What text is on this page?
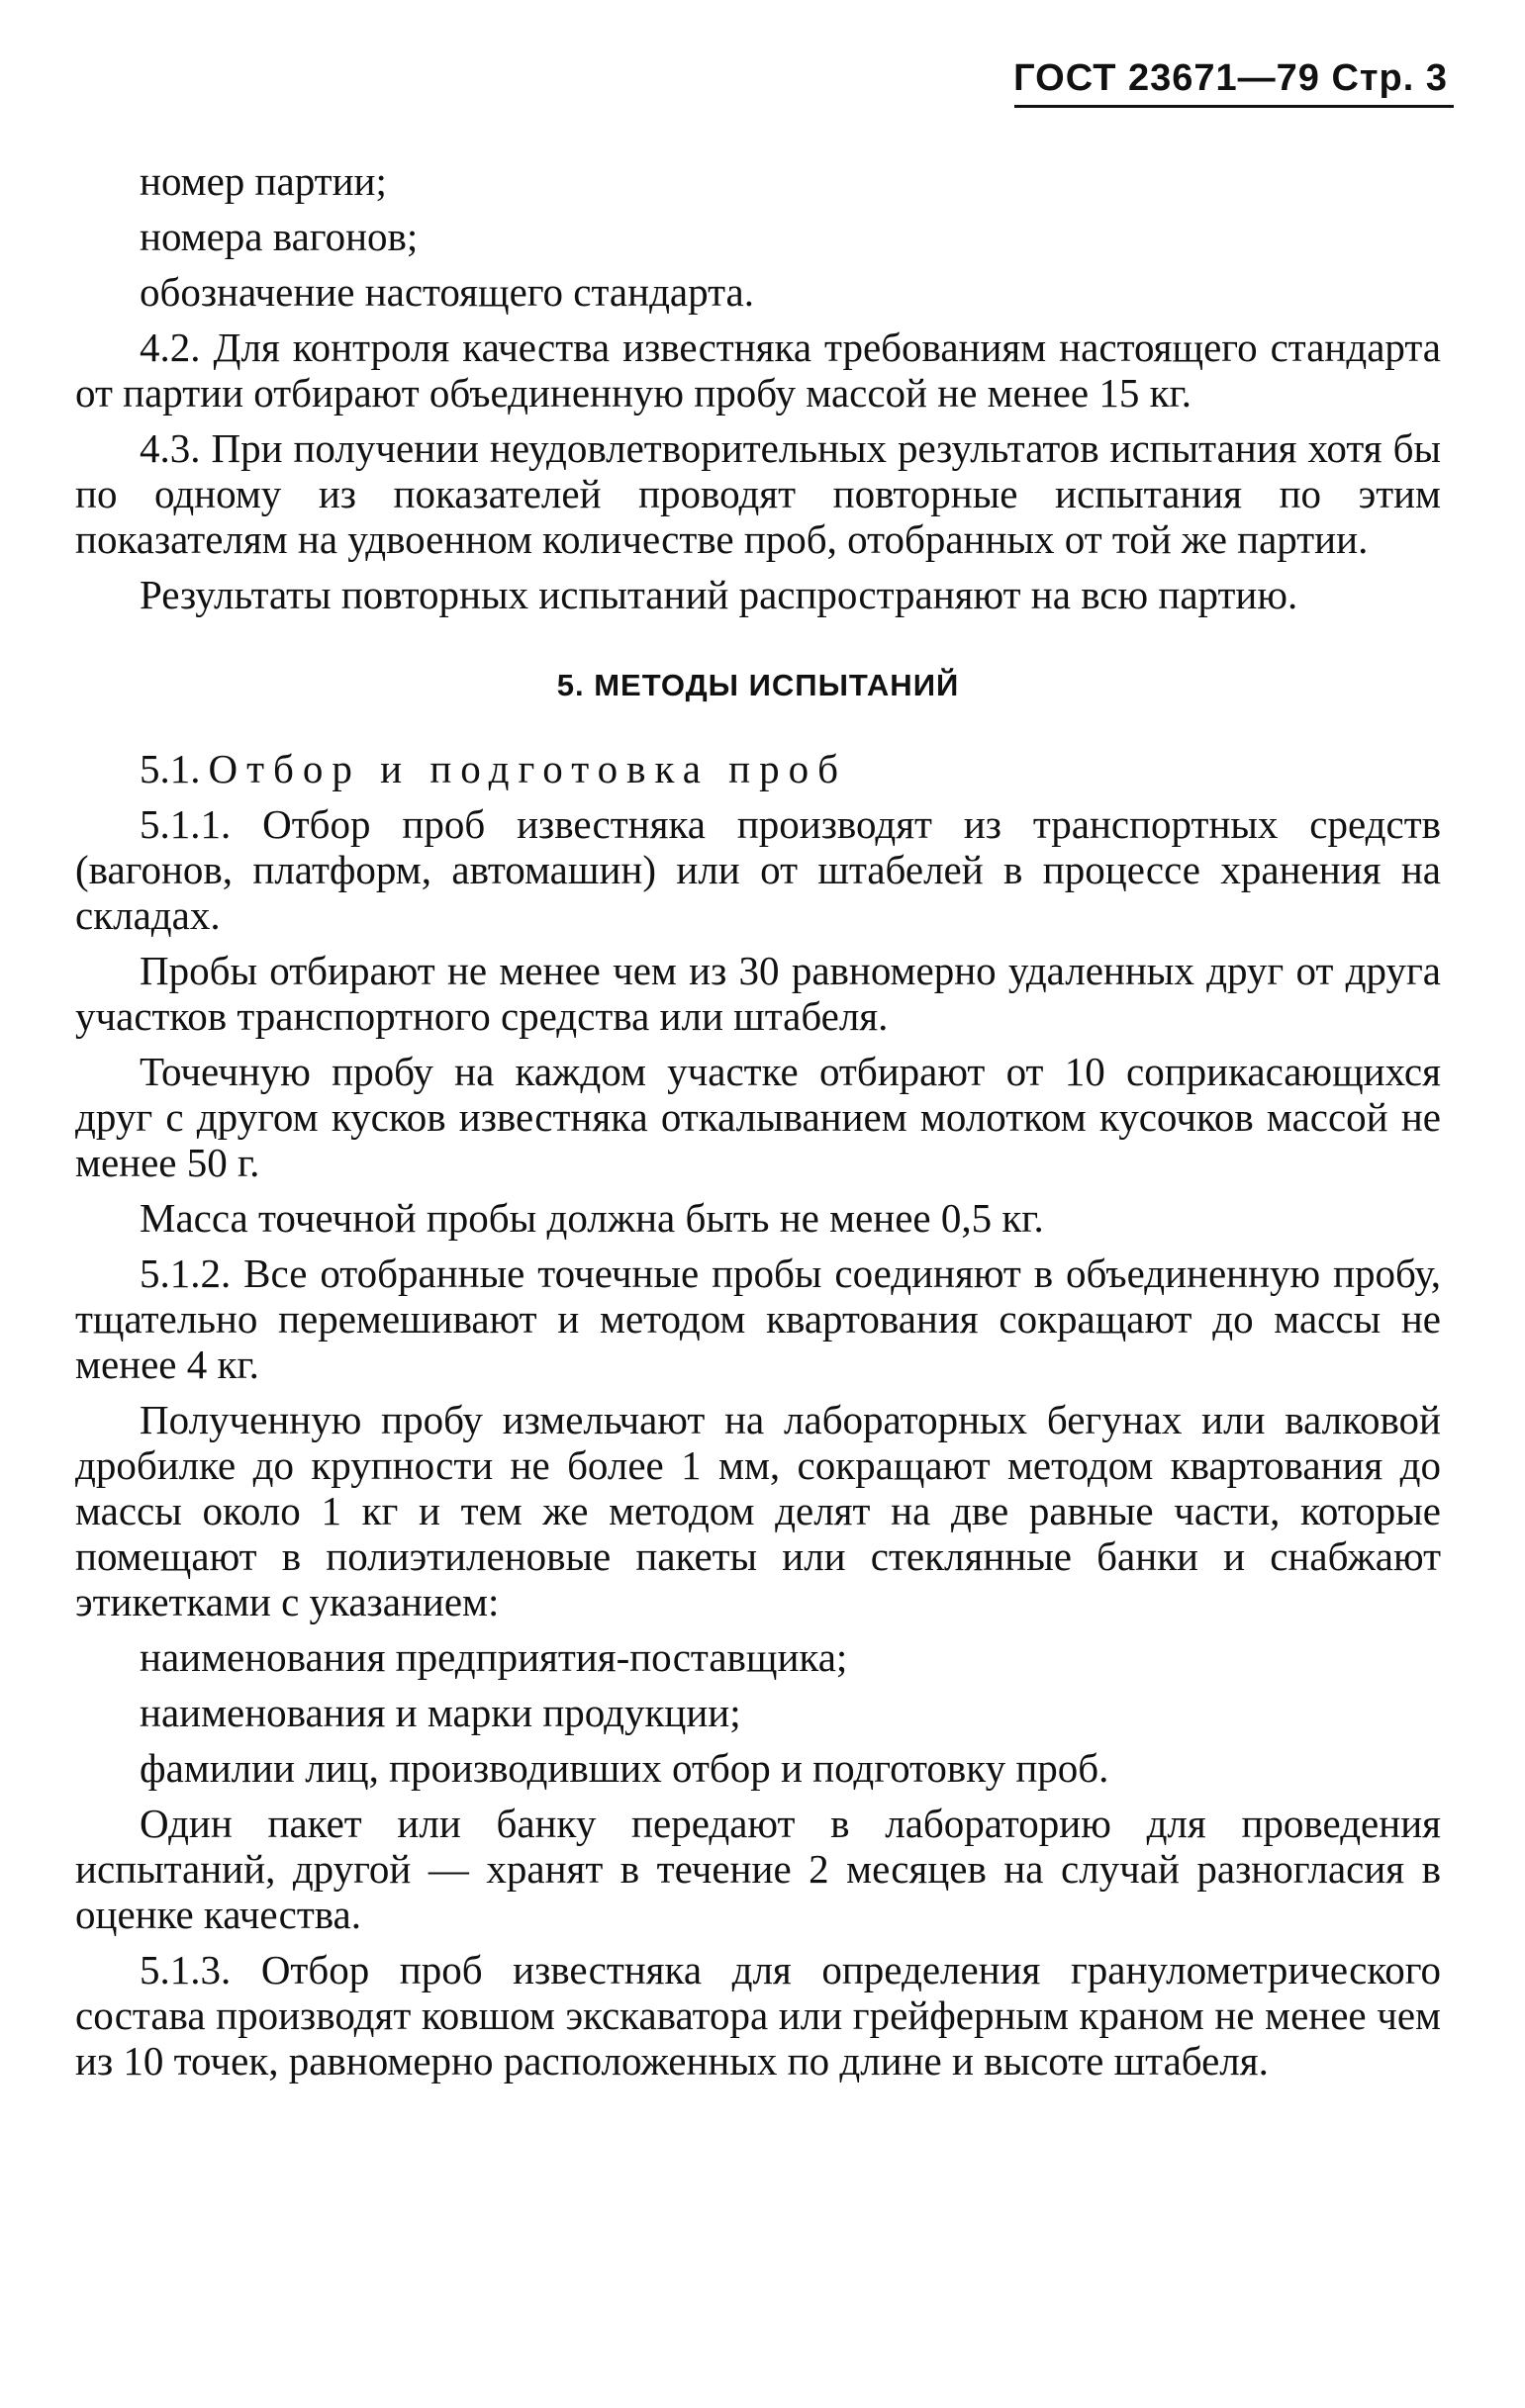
ГОСТ 23671—79 Стр. 3

номер партии;

номера вагонов;

обозначение настоящего стандарта.

4.2. Для контроля качества известняка требованиям настоящего стандарта от партии отбирают объединенную пробу массой не менее 15 кг.

4.3. При получении неудовлетворительных результатов испытания хотя бы по одному из показателей проводят повторные испытания по этим показателям на удвоенном количестве проб, отобранных от той же партии.

Результаты повторных испытаний распространяют на всю партию.

5. МЕТОДЫ ИСПЫТАНИЙ

5.1. Отбор и подготовка проб

5.1.1. Отбор проб известняка производят из транспортных средств (вагонов, платформ, автомашин) или от штабелей в процессе хранения на складах.

Пробы отбирают не менее чем из 30 равномерно удаленных друг от друга участков транспортного средства или штабеля.

Точечную пробу на каждом участке отбирают от 10 соприкасающихся друг с другом кусков известняка откалыванием молотком кусочков массой не менее 50 г.

Масса точечной пробы должна быть не менее 0,5 кг.

5.1.2. Все отобранные точечные пробы соединяют в объединенную пробу, тщательно перемешивают и методом квартования сокращают до массы не менее 4 кг.

Полученную пробу измельчают на лабораторных бегунах или валковой дробилке до крупности не более 1 мм, сокращают методом квартования до массы около 1 кг и тем же методом делят на две равные части, которые помещают в полиэтиленовые пакеты или стеклянные банки и снабжают этикетками с указанием:

наименования предприятия-поставщика;

наименования и марки продукции;

фамилии лиц, производивших отбор и подготовку проб.

Один пакет или банку передают в лабораторию для проведения испытаний, другой — хранят в течение 2 месяцев на случай разногласия в оценке качества.

5.1.3. Отбор проб известняка для определения гранулометрического состава производят ковшом экскаватора или грейферным краном не менее чем из 10 точек, равномерно расположенных по длине и высоте штабеля.
